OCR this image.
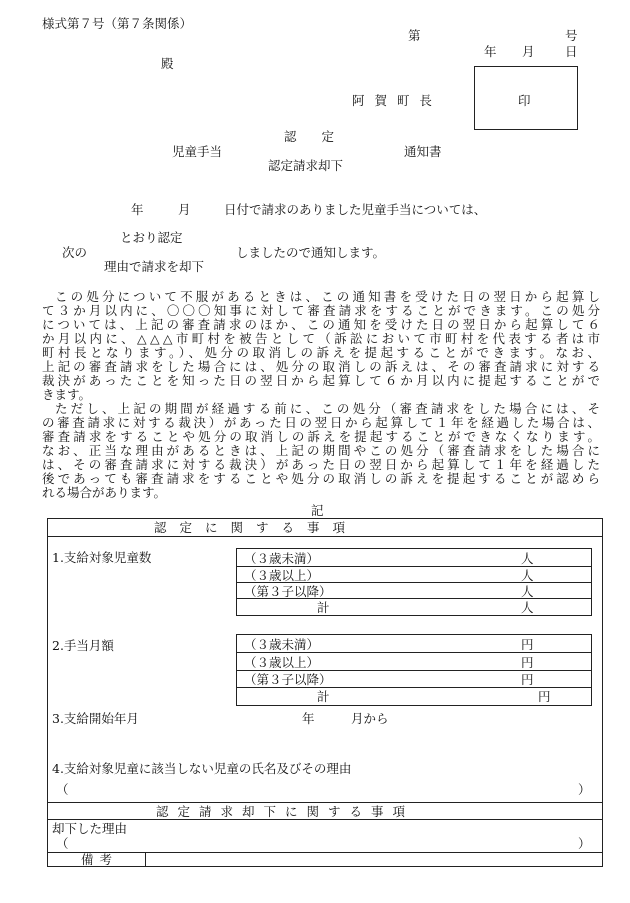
様式第７号（第７条関係）
第	号
年 月 日
殿
阿 賀 町 長	印
認　　定
児童手当	通知書
認定請求却下
年	月	日付で請求のありました児童手当については、
とおり認定
次の	しましたので通知します。
理由で請求を却下
この処分について不服があるときは、この通知書を受けた日の翌日から起算し
て３か月以内に、〇〇〇知事に対して審査請求をすることができます。この処分
については、上記の審査請求のほか、この通知を受けた日の翌日から起算して６
か月以内に、△△△市町村を被告として（訴訟において市町村を代表する者は市
町村長となります。）、処分の取消しの訴えを提起することができます。なお、
上記の審査請求をした場合には、処分の取消しの訴えは、その審査請求に対する
裁決があったことを知った日の翌日から起算して６か月以内に提起することがで
きます。
ただし、上記の期間が経過する前に、この処分（審査請求をした場合には、そ
の審査請求に対する裁決）があった日の翌日から起算して１年を経過した場合は、
審査請求をすることや処分の取消しの訴えを提起することができなくなります。
なお、正当な理由があるときは、上記の期間やこの処分（審査請求をした場合に
は、その審査請求に対する裁決）があった日の翌日から起算して１年を経過した
後であっても審査請求をすることや処分の取消しの訴えを提起することが認めら
れる場合があります。
記
認定に関する事項
1.支給対象児童数	（３歳未満）	人
（３歳以上）	人
（第３子以降）	人
計	人
2.手当月額	（３歳未満）	円
（３歳以上）	円
（第３子以降）	円
計	円
3.支給開始年月	年	月から
4.支給対象児童に該当しない児童の氏名及びその理由
（	）
認定請求却下に関する事項
却下した理由
（	）
備考
